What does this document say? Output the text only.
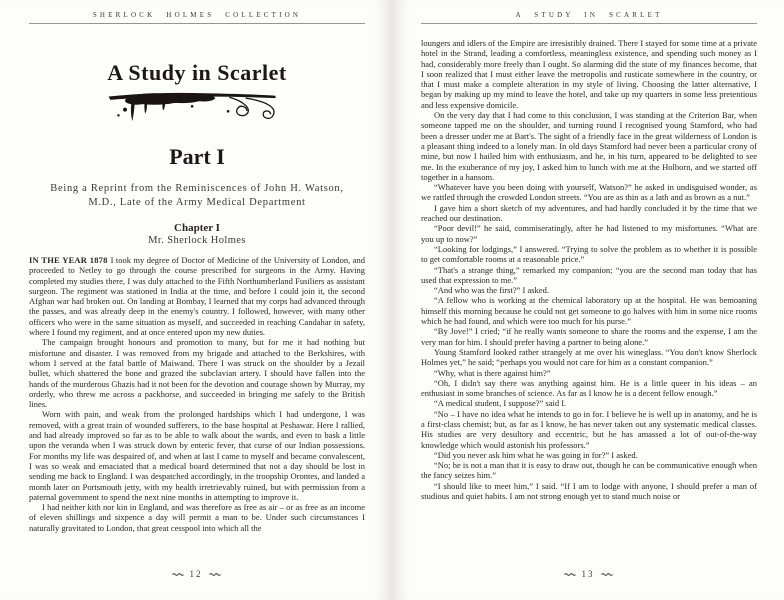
SHERLOCK HOLMES COLLECTION
A Study in Scarlet
Part I
Being a Reprint from the Reminiscences of John H. Watson,
M.D., Late of the Army Medical Department
Chapter I
Mr. Sherlock Holmes

IN THE YEAR 1878 I took my degree of Doctor of Medicine of the University of London, and proceeded to Netley to go through the course prescribed for surgeons in the Army. Having completed my studies there, I was duly attached to the Fifth Northumberland Fusiliers as assistant surgeon. The regiment was stationed in India at the time, and before I could join it, the second Afghan war had broken out. On landing at Bombay, I learned that my corps had advanced through the passes, and was already deep in the enemy's country. I followed, however, with many other officers who were in the same situation as myself, and succeeded in reaching Candahar in safety, where I found my regiment, and at once entered upon my new duties.

The campaign brought honours and promotion to many, but for me it had nothing but misfortune and disaster. I was removed from my brigade and attached to the Berkshires, with whom I served at the fatal battle of Maiwand. There I was struck on the shoulder by a Jezail bullet, which shattered the bone and grazed the subclavian artery. I should have fallen into the hands of the murderous Ghazis had it not been for the devotion and courage shown by Murray, my orderly, who threw me across a packhorse, and succeeded in bringing me safely to the British lines.

Worn with pain, and weak from the prolonged hardships which I had undergone, I was removed, with a great train of wounded sufferers, to the base hospital at Peshawar. Here I rallied, and had already improved so far as to be able to walk about the wards, and even to bask a little upon the veranda when I was struck down by enteric fever, that curse of our Indian possessions. For months my life was despaired of, and when at last I came to myself and became convalescent, I was so weak and emaciated that a medical board determined that not a day should be lost in sending me back to England. I was despatched accordingly, in the troopship Orontes, and landed a month later on Portsmouth jetty, with my health irretrievably ruined, but with permission from a paternal government to spend the next nine months in attempting to improve it.

I had neither kith nor kin in England, and was therefore as free as air – or as free as an income of eleven shillings and sixpence a day will permit a man to be. Under such circumstances I naturally gravitated to London, that great cesspool into which all the

12
A STUDY IN SCARLET

loungers and idlers of the Empire are irresistibly drained. There I stayed for some time at a private hotel in the Strand, leading a comfortless, meaningless existence, and spending such money as I had, considerably more freely than I ought. So alarming did the state of my finances become, that I soon realized that I must either leave the metropolis and rusticate somewhere in the country, or that I must make a complete alteration in my style of living. Choosing the latter alternative, I began by making up my mind to leave the hotel, and take up my quarters in some less pretentious and less expensive domicile.

On the very day that I had come to this conclusion, I was standing at the Criterion Bar, when someone tapped me on the shoulder, and turning round I recognised young Stamford, who had been a dresser under me at Bart's. The sight of a friendly face in the great wilderness of London is a pleasant thing indeed to a lonely man. In old days Stamford had never been a particular crony of mine, but now I hailed him with enthusiasm, and he, in his turn, appeared to be delighted to see me. In the exuberance of my joy, I asked him to lunch with me at the Holborn, and we started off together in a hansom.

“Whatever have you been doing with yourself, Watson?” he asked in undisguised wonder, as we rattled through the crowded London streets. “You are as thin as a lath and as brown as a nut.”

I gave him a short sketch of my adventures, and had hardly concluded it by the time that we reached our destination.

“Poor devil!” he said, commiseratingly, after he had listened to my misfortunes. “What are you up to now?”

“Looking for lodgings,” I answered. “Trying to solve the problem as to whether it is possible to get comfortable rooms at a reasonable price.”

“That's a strange thing,” remarked my companion; “you are the second man today that has used that expression to me.”

“And who was the first?” I asked.

“A fellow who is working at the chemical laboratory up at the hospital. He was bemoaning himself this morning because he could not get someone to go halves with him in some nice rooms which he had found, and which were too much for his purse.”

“By Jove!” I cried; “if he really wants someone to share the rooms and the expense, I am the very man for him. I should prefer having a partner to being alone.”

Young Stamford looked rather strangely at me over his wineglass. “You don't know Sherlock Holmes yet,” he said; “perhaps you would not care for him as a constant companion.”

“Why, what is there against him?”

“Oh, I didn't say there was anything against him. He is a little queer in his ideas – an enthusiast in some branches of science. As far as I know he is a decent fellow enough.”

“A medical student, I suppose?” said I.

“No – I have no idea what he intends to go in for. I believe he is well up in anatomy, and he is a first-class chemist; but, as far as I know, he has never taken out any systematic medical classes. His studies are very desultory and eccentric, but he has amassed a lot of out-of-the-way knowledge which would astonish his professors.”

“Did you never ask him what he was going in for?” I asked.

“No; he is not a man that it is easy to draw out, though he can be communicative enough when the fancy seizes him.”

“I should like to meet him,” I said. “If I am to lodge with anyone, I should prefer a man of studious and quiet habits. I am not strong enough yet to stand much noise or

13
